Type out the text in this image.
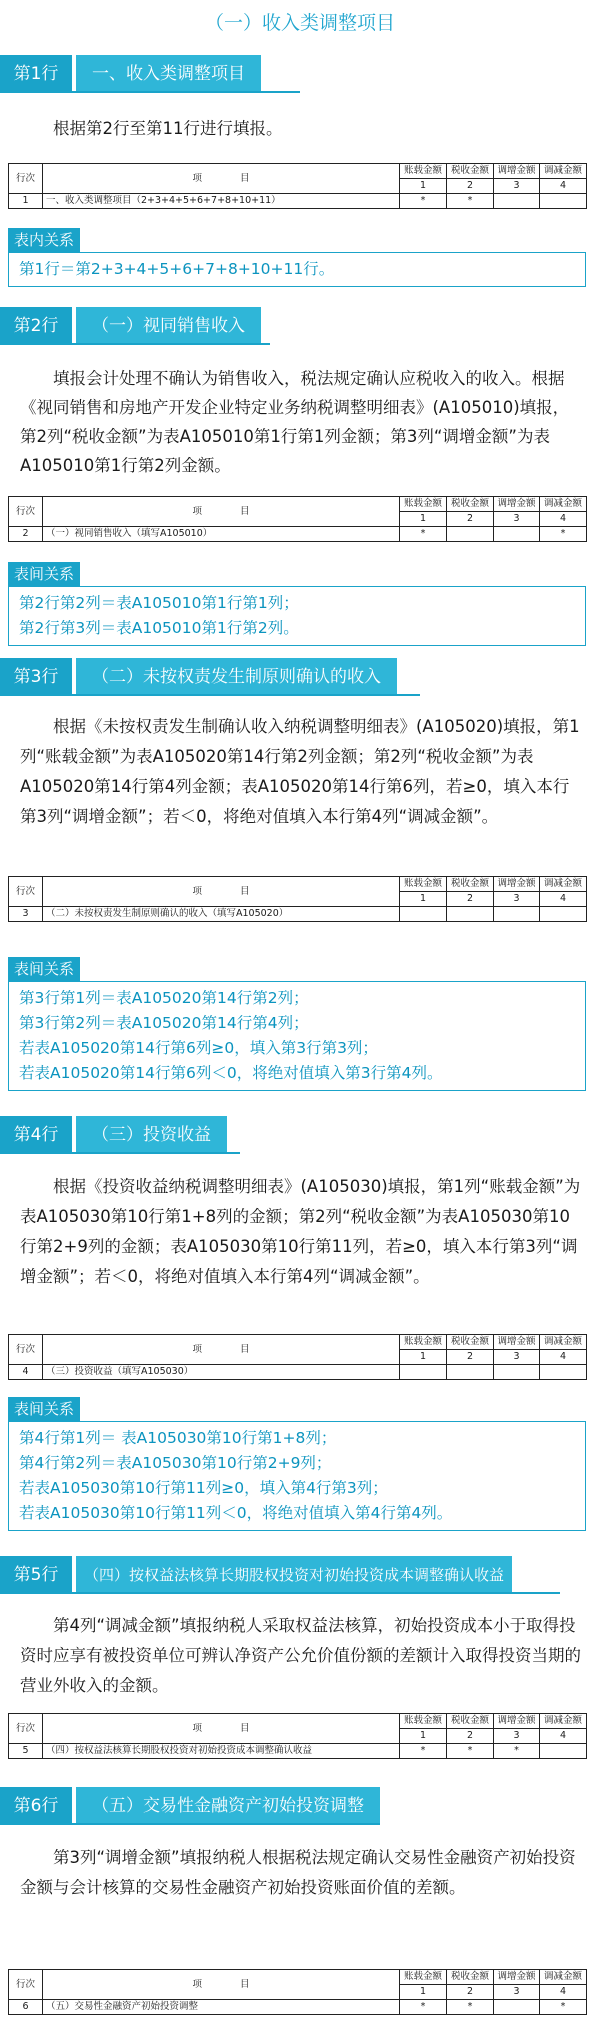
（一）收入类调整项目
第1行	一、收入类调整项目
根据第2行至第11行进行填报。
行次	项　　　　目	账载金额	税收金额	调增金额	调减金额
		1	2	3	4
1	一、收入类调整项目（2+3+4+5+6+7+8+10+11）	*	*		
表内关系
第1行＝第2+3+4+5+6+7+8+10+11行。
第2行	（一）视同销售收入
填报会计处理不确认为销售收入，税法规定确认应税收入的收入。根据《视同销售和房地产开发企业特定业务纳税调整明细表》(A105010)填报，第2列“税收金额”为表A105010第1行第1列金额；第3列“调增金额”为表A105010第1行第2列金额。
行次	项　　　　目	账载金额	税收金额	调增金额	调减金额
		1	2	3	4
2	（一）视同销售收入（填写A105010）	*			*
表间关系
第2行第2列＝表A105010第1行第1列；
第2行第3列＝表A105010第1行第2列。
第3行	（二）未按权责发生制原则确认的收入
根据《未按权责发生制确认收入纳税调整明细表》(A105020)填报，第1列“账载金额”为表A105020第14行第2列金额；第2列“税收金额”为表A105020第14行第4列金额；表A105020第14行第6列，若≥0，填入本行第3列“调增金额”；若＜0，将绝对值填入本行第4列“调减金额”。
行次	项　　　　目	账载金额	税收金额	调增金额	调减金额
		1	2	3	4
3	（二）未按权责发生制原则确认的收入（填写A105020）				
表间关系
第3行第1列＝表A105020第14行第2列；
第3行第2列＝表A105020第14行第4列；
若表A105020第14行第6列≥0，填入第3行第3列；
若表A105020第14行第6列＜0，将绝对值填入第3行第4列。
第4行	（三）投资收益
根据《投资收益纳税调整明细表》(A105030)填报，第1列“账载金额”为表A105030第10行第1+8列的金额；第2列“税收金额”为表A105030第10行第2+9列的金额；表A105030第10行第11列，若≥0，填入本行第3列“调增金额”；若＜0，将绝对值填入本行第4列“调减金额”。
行次	项　　　　目	账载金额	税收金额	调增金额	调减金额
		1	2	3	4
4	（三）投资收益（填写A105030）				
表间关系
第4行第1列＝ 表A105030第10行第1+8列；
第4行第2列＝表A105030第10行第2+9列；
若表A105030第10行第11列≥0，填入第4行第3列；
若表A105030第10行第11列＜0，将绝对值填入第4行第4列。
第5行	（四）按权益法核算长期股权投资对初始投资成本调整确认收益
第4列“调减金额”填报纳税人采取权益法核算，初始投资成本小于取得投资时应享有被投资单位可辨认净资产公允价值份额的差额计入取得投资当期的营业外收入的金额。
行次	项　　　　目	账载金额	税收金额	调增金额	调减金额
		1	2	3	4
5	（四）按权益法核算长期股权投资对初始投资成本调整确认收益	*	*	*	
第6行	（五）交易性金融资产初始投资调整
第3列“调增金额”填报纳税人根据税法规定确认交易性金融资产初始投资金额与会计核算的交易性金融资产初始投资账面价值的差额。
行次	项　　　　目	账载金额	税收金额	调增金额	调减金额
		1	2	3	4
6	（五）交易性金融资产初始投资调整	*	*		*
